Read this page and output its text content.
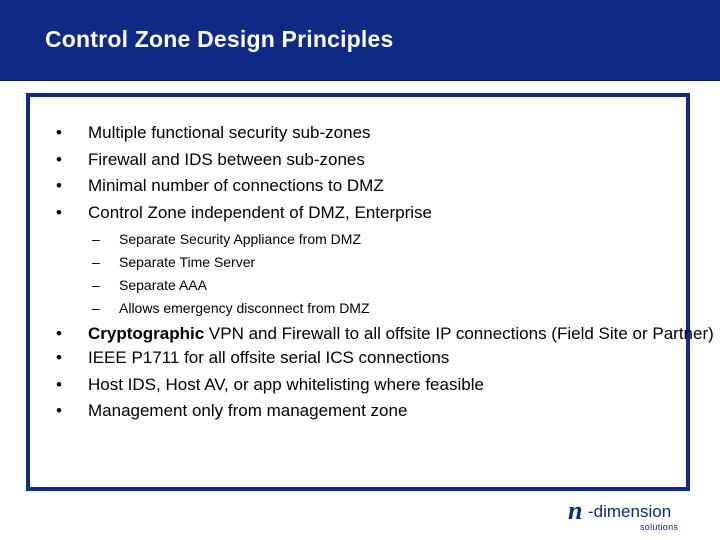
Control Zone Design Principles
•	Multiple functional security sub-zones
•	Firewall and IDS between sub-zones
•	Minimal number of connections to DMZ
•	Control Zone independent of DMZ, Enterprise
– Separate Security Appliance from DMZ
– Separate Time Server
– Separate AAA
– Allows emergency disconnect from DMZ
•	Cryptographic VPN and Firewall to all offsite IP connections (Field Site or Partner)
•	IEEE P1711 for all offsite serial ICS connections
•	Host IDS, Host AV, or app whitelisting where feasible
•	Management only from management zone
n -dimension
solutions
